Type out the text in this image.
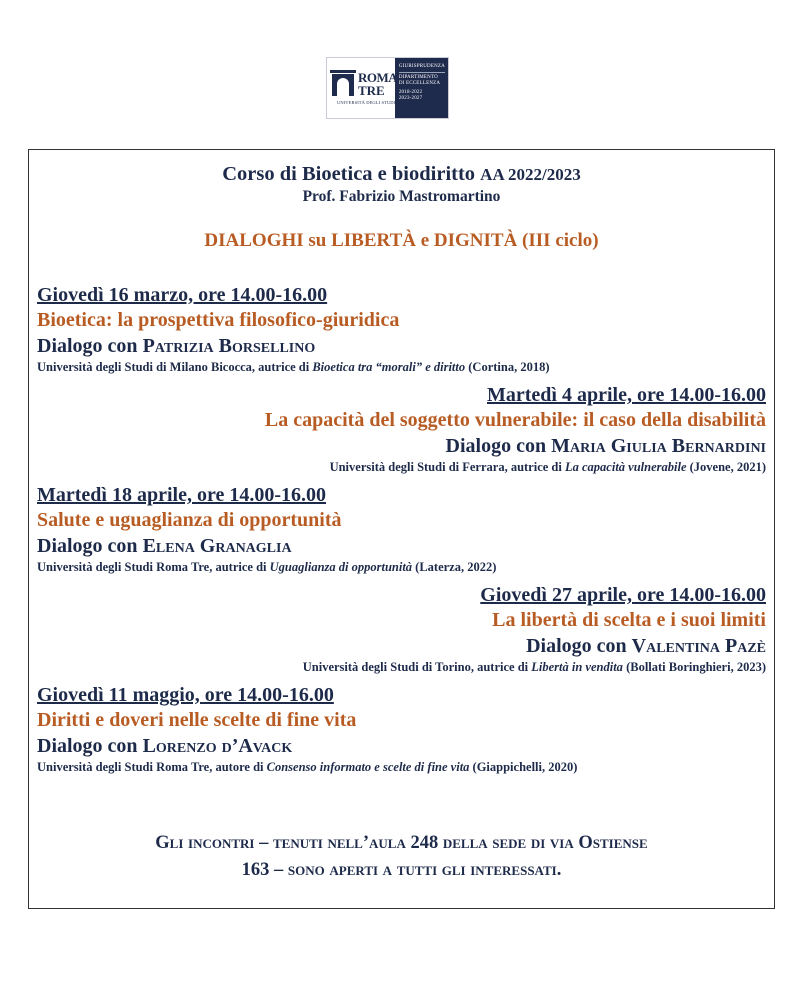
ROMA
TRE
UNIVERSITÀ DEGLI STUDI
GIURISPRUDENZA
DIPARTIMENTO
DI ECCELLENZA
2018-2022
2023-2027
Corso di Bioetica e biodiritto AA 2022/2023
Prof. Fabrizio Mastromartino
DIALOGHI su LIBERTÀ e DIGNITÀ (III ciclo)
Giovedì 16 marzo, ore 14.00-16.00
Bioetica: la prospettiva filosofico-giuridica
Dialogo con Patrizia Borsellino
Università degli Studi di Milano Bicocca, autrice di Bioetica tra “morali” e diritto (Cortina, 2018)
Martedì 4 aprile, ore 14.00-16.00
La capacità del soggetto vulnerabile: il caso della disabilità
Dialogo con Maria Giulia Bernardini
Università degli Studi di Ferrara, autrice di La capacità vulnerabile (Jovene, 2021)
Martedì 18 aprile, ore 14.00-16.00
Salute e uguaglianza di opportunità
Dialogo con Elena Granaglia
Università degli Studi Roma Tre, autrice di Uguaglianza di opportunità (Laterza, 2022)
Giovedì 27 aprile, ore 14.00-16.00
La libertà di scelta e i suoi limiti
Dialogo con Valentina Pazè
Università degli Studi di Torino, autrice di Libertà in vendita (Bollati Boringhieri, 2023)
Giovedì 11 maggio, ore 14.00-16.00
Diritti e doveri nelle scelte di fine vita
Dialogo con Lorenzo d’Avack
Università degli Studi Roma Tre, autore di Consenso informato e scelte di fine vita (Giappichelli, 2020)
Gli incontri – tenuti nell’aula 248 della sede di via Ostiense
163 – sono aperti a tutti gli interessati.
